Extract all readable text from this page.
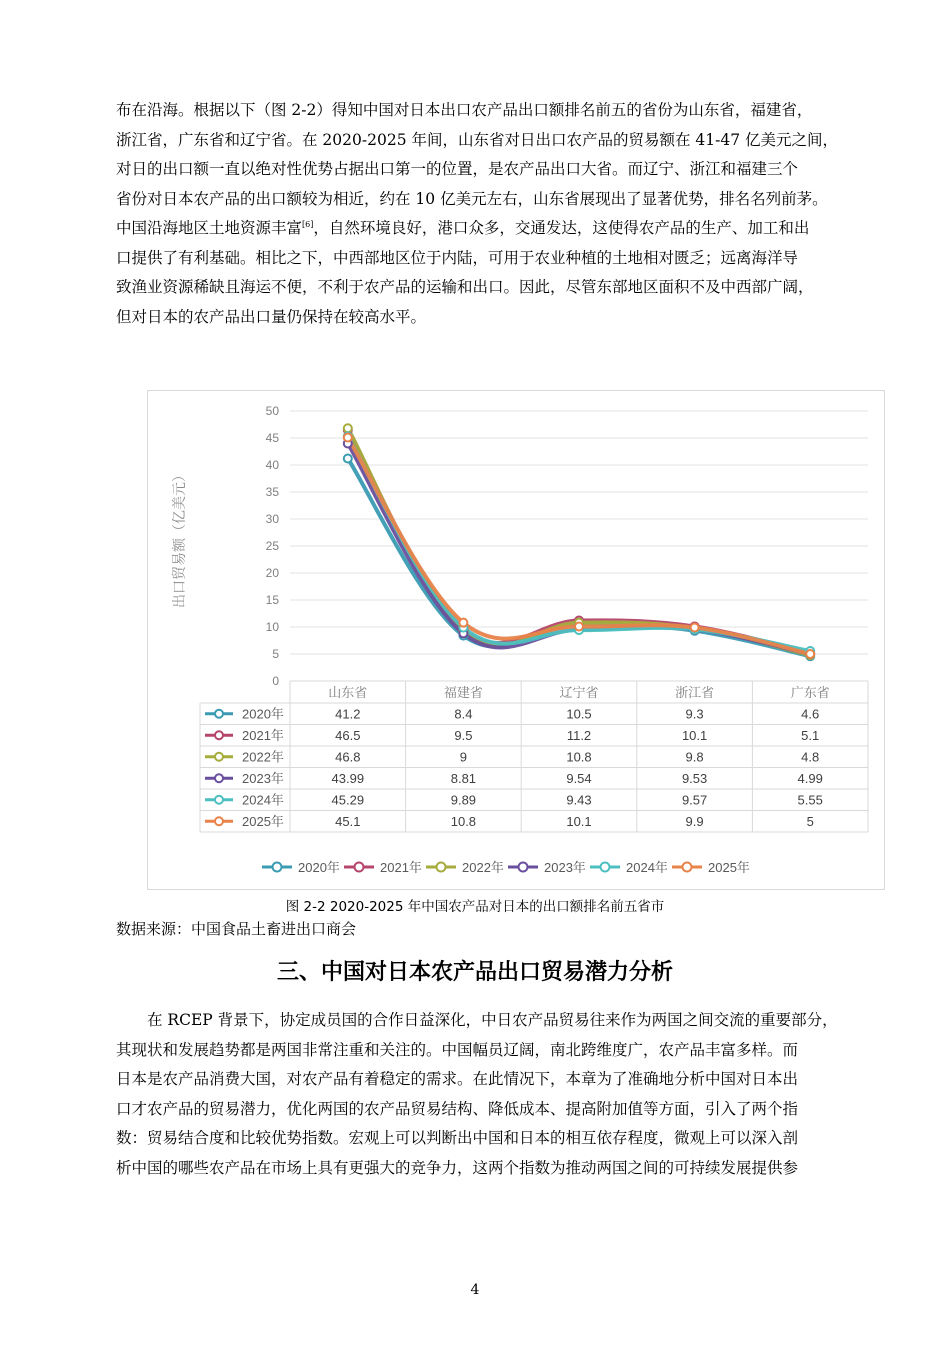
布在沿海。根据以下（图 2-2）得知中国对日本出口农产品出口额排名前五的省份为山东省，福建省，
浙江省，广东省和辽宁省。在 2020-2025 年间，山东省对日出口农产品的贸易额在 41-47 亿美元之间，
对日的出口额一直以绝对性优势占据出口第一的位置，是农产品出口大省。而辽宁、浙江和福建三个
省份对日本农产品的出口额较为相近，约在 10 亿美元左右，山东省展现出了显著优势，排名名列前茅。
中国沿海地区土地资源丰富[6]，自然环境良好，港口众多，交通发达，这使得农产品的生产、加工和出
口提供了有利基础。相比之下，中西部地区位于内陆，可用于农业种植的土地相对匮乏；远离海洋导
致渔业资源稀缺且海运不便，不利于农产品的运输和出口。因此，尽管东部地区面积不及中西部广阔，
但对日本的农产品出口量仍保持在较高水平。

0
5
10
15
20
25
30
35
40
45
50
出口贸易额（亿美元）
山东省	福建省	辽宁省	浙江省	广东省
2020年	41.2	8.4	10.5	9.3	4.6
2021年	46.5	9.5	11.2	10.1	5.1
2022年	46.8	9	10.8	9.8	4.8
2023年	43.99	8.81	9.54	9.53	4.99
2024年	45.29	9.89	9.43	9.57	5.55
2025年	45.1	10.8	10.1	9.9	5
2020年	2021年	2022年	2023年	2024年	2025年
图 2-2 2020-2025 年中国农产品对日本的出口额排名前五省市
数据来源：中国食品土畜进出口商会
三、中国对日本农产品出口贸易潜力分析

在 RCEP 背景下，协定成员国的合作日益深化，中日农产品贸易往来作为两国之间交流的重要部分，
其现状和发展趋势都是两国非常注重和关注的。中国幅员辽阔，南北跨维度广，农产品丰富多样。而
日本是农产品消费大国，对农产品有着稳定的需求。在此情况下，本章为了准确地分析中国对日本出
口才农产品的贸易潜力，优化两国的农产品贸易结构、降低成本、提高附加值等方面，引入了两个指
数：贸易结合度和比较优势指数。宏观上可以判断出中国和日本的相互依存程度，微观上可以深入剖
析中国的哪些农产品在市场上具有更强大的竞争力，这两个指数为推动两国之间的可持续发展提供参

4
